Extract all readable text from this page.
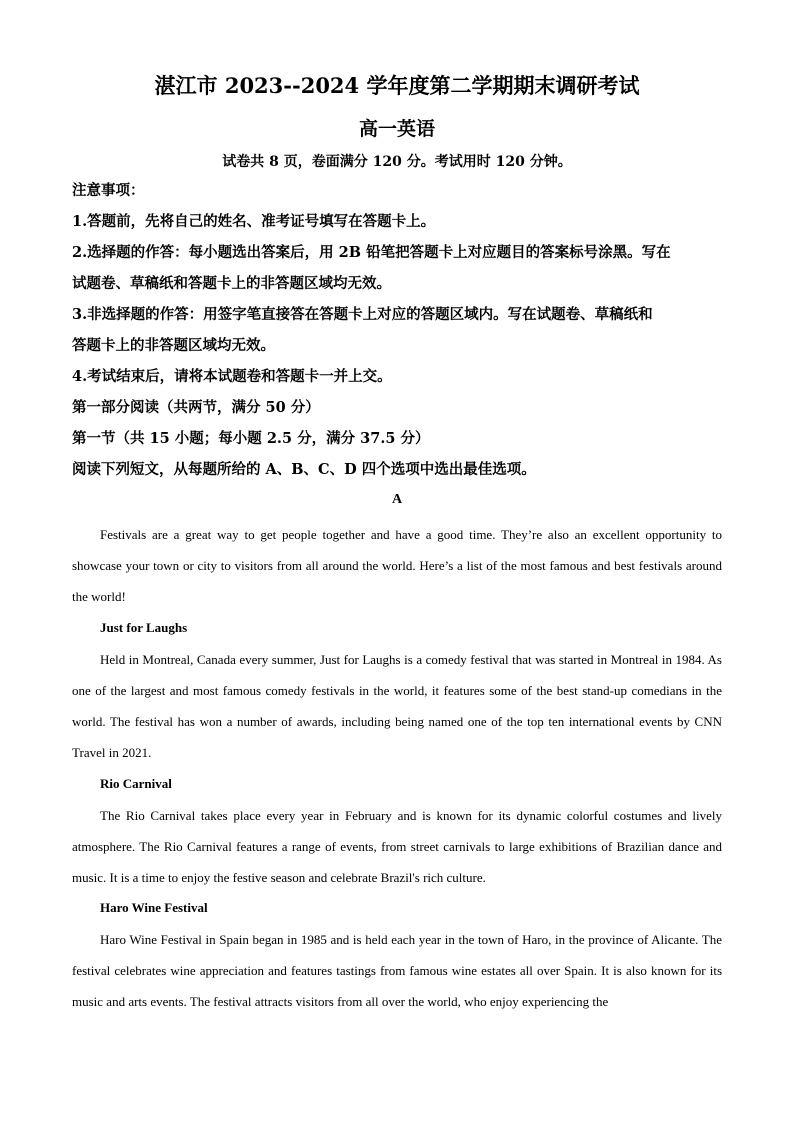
湛江市 2023--2024 学年度第二学期期末调研考试
高一英语
试卷共 8 页，卷面满分 120 分。考试用时 120 分钟。
注意事项：
1.答题前，先将自己的姓名、准考证号填写在答题卡上。
2.选择题的作答：每小题选出答案后，用 2B 铅笔把答题卡上对应题目的答案标号涂黑。写在
试题卷、草稿纸和答题卡上的非答题区域均无效。
3.非选择题的作答：用签字笔直接答在答题卡上对应的答题区域内。写在试题卷、草稿纸和
答题卡上的非答题区域均无效。
4.考试结束后，请将本试题卷和答题卡一并上交。
第一部分阅读（共两节，满分 50 分）
第一节（共 15 小题；每小题 2.5 分，满分 37.5 分）
阅读下列短文，从每题所给的 A、B、C、D 四个选项中选出最佳选项。
A

Festivals are a great way to get people together and have a good time. They’re also an excellent opportunity to showcase your town or city to visitors from all around the world. Here’s a list of the most famous and best festivals around the world!

Just for Laughs

Held in Montreal, Canada every summer, Just for Laughs is a comedy festival that was started in Montreal in 1984. As one of the largest and most famous comedy festivals in the world, it features some of the best stand-up comedians in the world. The festival has won a number of awards, including being named one of the top ten international events by CNN Travel in 2021.

Rio Carnival

The Rio Carnival takes place every year in February and is known for its dynamic colorful costumes and lively atmosphere. The Rio Carnival features a range of events, from street carnivals to large exhibitions of Brazilian dance and music. It is a time to enjoy the festive season and celebrate Brazil's rich culture.

Haro Wine Festival

Haro Wine Festival in Spain began in 1985 and is held each year in the town of Haro, in the province of Alicante. The festival celebrates wine appreciation and features tastings from famous wine estates all over Spain. It is also known for its music and arts events. The festival attracts visitors from all over the world, who enjoy experiencing the
